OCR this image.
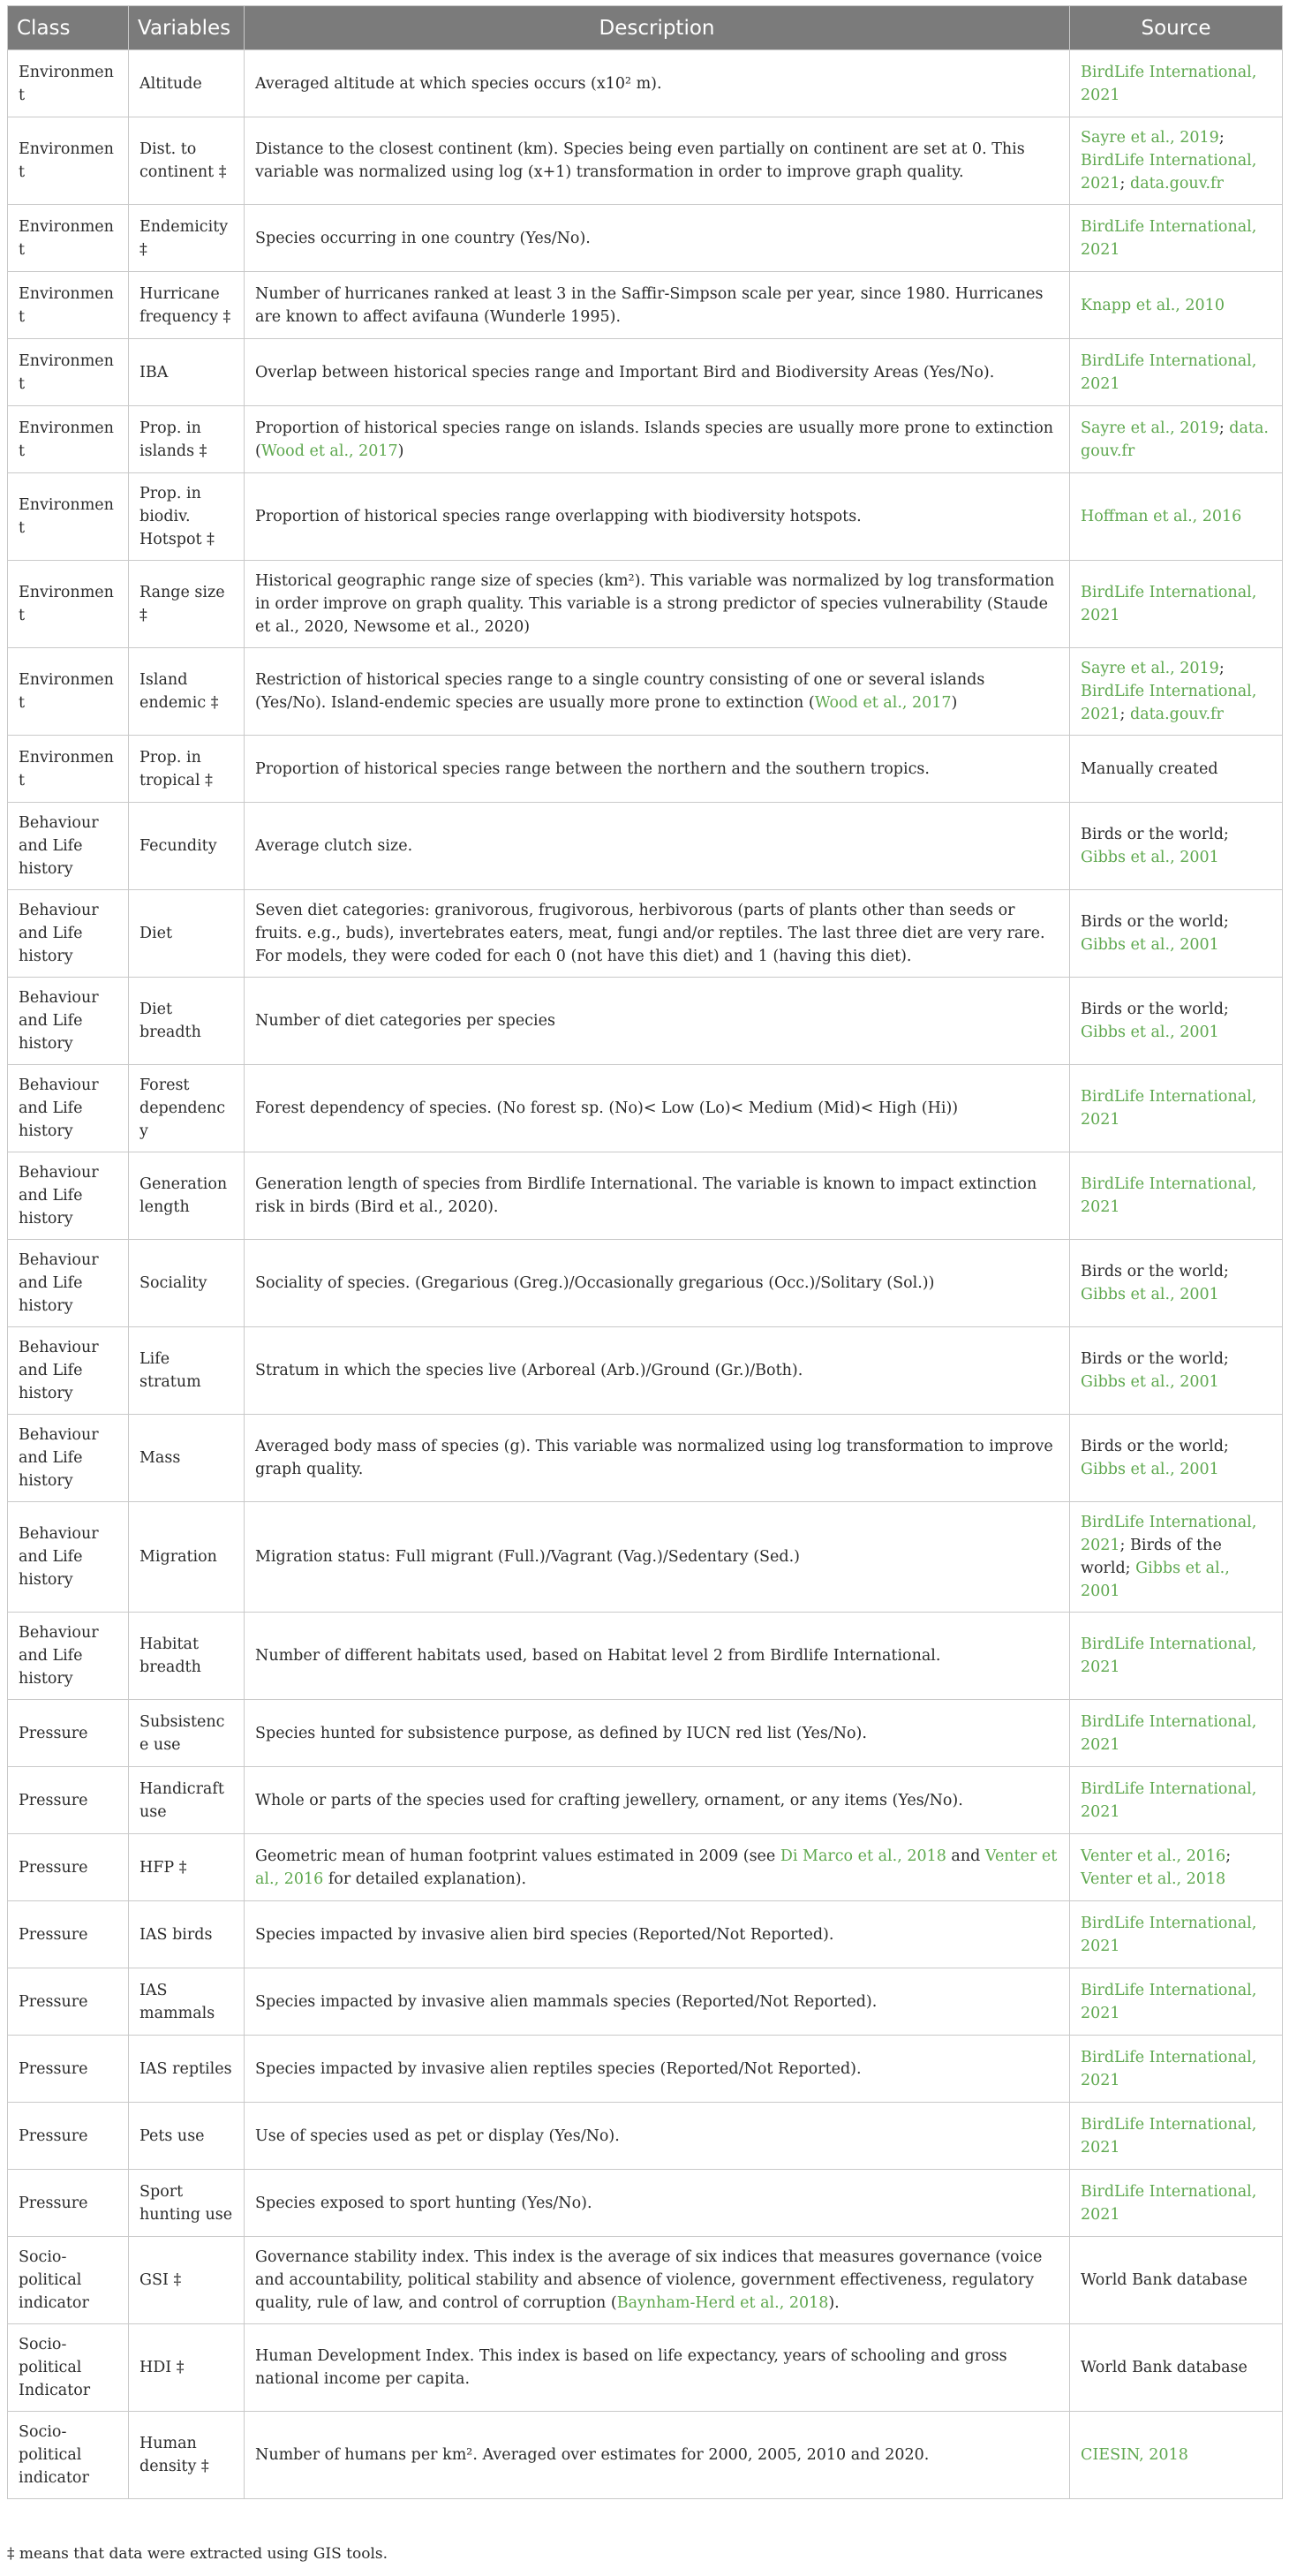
Class	Variables	Description	Source
Environment	Altitude	Averaged altitude at which species occurs (x10² m).	BirdLife International, 2021
Environment	Dist. to continent ‡	Distance to the closest continent (km). Species being even partially on continent are set at 0. This variable was normalized using log (x+1) transformation in order to improve graph quality.	Sayre et al., 2019; BirdLife International, 2021; data.gouv.fr
Environment	Endemicity ‡	Species occurring in one country (Yes/No).	BirdLife International, 2021
Environment	Hurricane frequency ‡	Number of hurricanes ranked at least 3 in the Saffir-Simpson scale per year, since 1980. Hurricanes are known to affect avifauna (Wunderle 1995).	Knapp et al., 2010
Environment	IBA	Overlap between historical species range and Important Bird and Biodiversity Areas (Yes/No).	BirdLife International, 2021
Environment	Prop. in islands ‡	Proportion of historical species range on islands. Islands species are usually more prone to extinction (Wood et al., 2017)	Sayre et al., 2019; data. gouv.fr
Environment	Prop. in biodiv. Hotspot ‡	Proportion of historical species range overlapping with biodiversity hotspots.	Hoffman et al., 2016
Environment	Range size ‡	Historical geographic range size of species (km²). This variable was normalized by log transformation in order improve on graph quality. This variable is a strong predictor of species vulnerability (Staude et al., 2020, Newsome et al., 2020)	BirdLife International, 2021
Environment	Island endemic ‡	Restriction of historical species range to a single country consisting of one or several islands (Yes/No). Island-endemic species are usually more prone to extinction (Wood et al., 2017)	Sayre et al., 2019; BirdLife International, 2021; data.gouv.fr
Environment	Prop. in tropical ‡	Proportion of historical species range between the northern and the southern tropics.	Manually created
Behaviour and Life history	Fecundity	Average clutch size.	Birds or the world; Gibbs et al., 2001
Behaviour and Life history	Diet	Seven diet categories: granivorous, frugivorous, herbivorous (parts of plants other than seeds or fruits. e.g., buds), invertebrates eaters, meat, fungi and/or reptiles. The last three diet are very rare. For models, they were coded for each 0 (not have this diet) and 1 (having this diet).	Birds or the world; Gibbs et al., 2001
Behaviour and Life history	Diet breadth	Number of diet categories per species	Birds or the world; Gibbs et al., 2001
Behaviour and Life history	Forest dependency	Forest dependency of species. (No forest sp. (No)< Low (Lo)< Medium (Mid)< High (Hi))	BirdLife International, 2021
Behaviour and Life history	Generation length	Generation length of species from Birdlife International. The variable is known to impact extinction risk in birds (Bird et al., 2020).	BirdLife International, 2021
Behaviour and Life history	Sociality	Sociality of species. (Gregarious (Greg.)/Occasionally gregarious (Occ.)/Solitary (Sol.))	Birds or the world; Gibbs et al., 2001
Behaviour and Life history	Life stratum	Stratum in which the species live (Arboreal (Arb.)/Ground (Gr.)/Both).	Birds or the world; Gibbs et al., 2001
Behaviour and Life history	Mass	Averaged body mass of species (g). This variable was normalized using log transformation to improve graph quality.	Birds or the world; Gibbs et al., 2001
Behaviour and Life history	Migration	Migration status: Full migrant (Full.)/Vagrant (Vag.)/Sedentary (Sed.)	BirdLife International, 2021; Birds of the world; Gibbs et al., 2001
Behaviour and Life history	Habitat breadth	Number of different habitats used, based on Habitat level 2 from Birdlife International.	BirdLife International, 2021
Pressure	Subsistence use	Species hunted for subsistence purpose, as defined by IUCN red list (Yes/No).	BirdLife International, 2021
Pressure	Handicraft use	Whole or parts of the species used for crafting jewellery, ornament, or any items (Yes/No).	BirdLife International, 2021
Pressure	HFP ‡	Geometric mean of human footprint values estimated in 2009 (see Di Marco et al., 2018 and Venter et al., 2016 for detailed explanation).	Venter et al., 2016; Venter et al., 2018
Pressure	IAS birds	Species impacted by invasive alien bird species (Reported/Not Reported).	BirdLife International, 2021
Pressure	IAS mammals	Species impacted by invasive alien mammals species (Reported/Not Reported).	BirdLife International, 2021
Pressure	IAS reptiles	Species impacted by invasive alien reptiles species (Reported/Not Reported).	BirdLife International, 2021
Pressure	Pets use	Use of species used as pet or display (Yes/No).	BirdLife International, 2021
Pressure	Sport hunting use	Species exposed to sport hunting (Yes/No).	BirdLife International, 2021
Socio-political indicator	GSI ‡	Governance stability index. This index is the average of six indices that measures governance (voice and accountability, political stability and absence of violence, government effectiveness, regulatory quality, rule of law, and control of corruption (Baynham-Herd et al., 2018).	World Bank database
Socio-political Indicator	HDI ‡	Human Development Index. This index is based on life expectancy, years of schooling and gross national income per capita.	World Bank database
Socio-political indicator	Human density ‡	Number of humans per km². Averaged over estimates for 2000, 2005, 2010 and 2020.	CIESIN, 2018
‡ means that data were extracted using GIS tools.
